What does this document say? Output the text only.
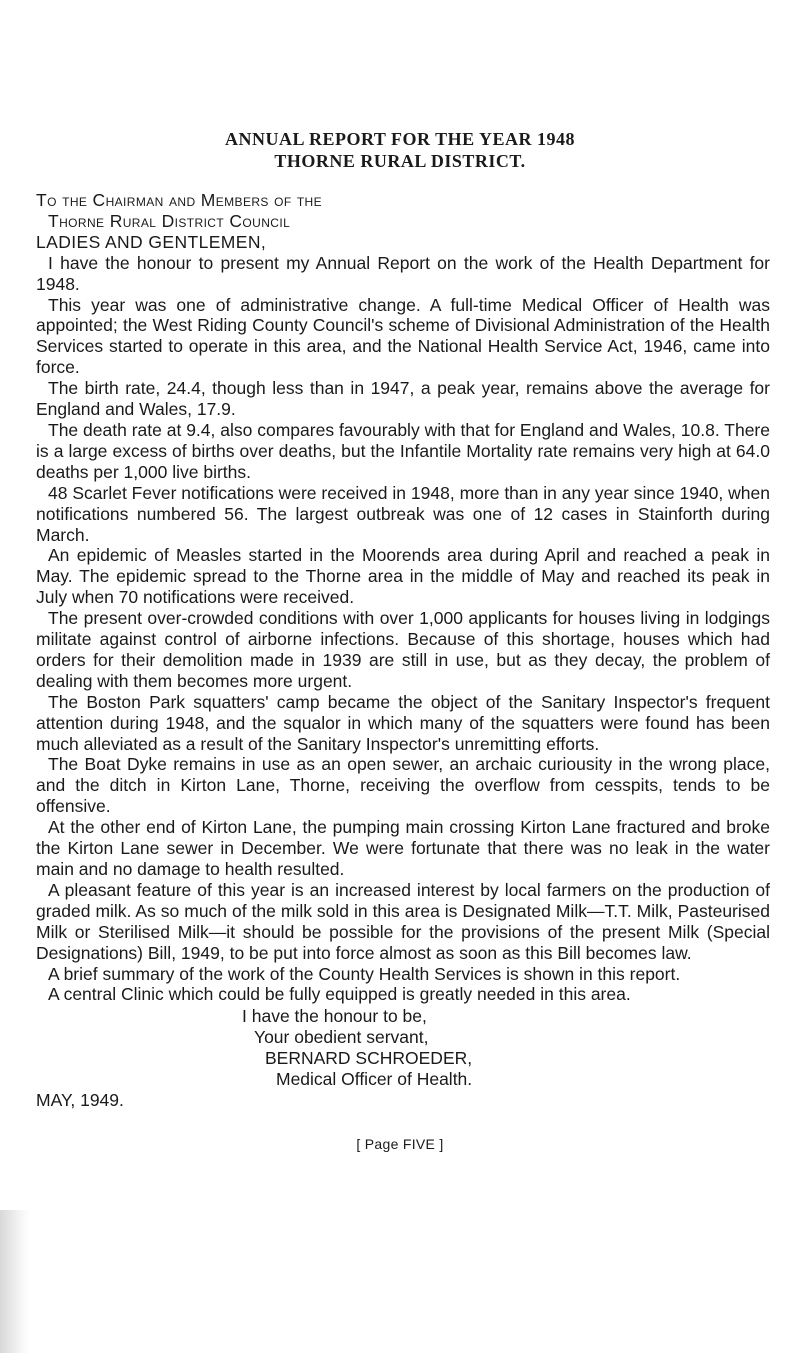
ANNUAL REPORT FOR THE YEAR 1948
THORNE RURAL DISTRICT.

To the Chairman and Members of the

Thorne Rural District Council

LADIES AND GENTLEMEN,

I have the honour to present my Annual Report on the work of the Health Department for 1948.

This year was one of administrative change. A full-time Medical Officer of Health was appointed; the West Riding County Council's scheme of Divisional Administration of the Health Services started to operate in this area, and the National Health Service Act, 1946, came into force.

The birth rate, 24.4, though less than in 1947, a peak year, remains above the average for England and Wales, 17.9.

The death rate at 9.4, also compares favourably with that for England and Wales, 10.8. There is a large excess of births over deaths, but the Infantile Mortality rate remains very high at 64.0 deaths per 1,000 live births.

48 Scarlet Fever notifications were received in 1948, more than in any year since 1940, when notifications numbered 56. The largest outbreak was one of 12 cases in Stainforth during March.

An epidemic of Measles started in the Moorends area during April and reached a peak in May. The epidemic spread to the Thorne area in the middle of May and reached its peak in July when 70 notifications were received.

The present over-crowded conditions with over 1,000 applicants for houses living in lodgings militate against control of airborne infections. Because of this shortage, houses which had orders for their demolition made in 1939 are still in use, but as they decay, the problem of dealing with them becomes more urgent.

The Boston Park squatters' camp became the object of the Sanitary Inspector's frequent attention during 1948, and the squalor in which many of the squatters were found has been much alleviated as a result of the Sanitary Inspector's unremitting efforts.

The Boat Dyke remains in use as an open sewer, an archaic curiousity in the wrong place, and the ditch in Kirton Lane, Thorne, receiving the overflow from cesspits, tends to be offensive.

At the other end of Kirton Lane, the pumping main crossing Kirton Lane fractured and broke the Kirton Lane sewer in December. We were fortunate that there was no leak in the water main and no damage to health resulted.

A pleasant feature of this year is an increased interest by local farmers on the production of graded milk. As so much of the milk sold in this area is Designated Milk—T.T. Milk, Pasteurised Milk or Sterilised Milk—it should be possible for the provisions of the present Milk (Special Designations) Bill, 1949, to be put into force almost as soon as this Bill becomes law.

A brief summary of the work of the County Health Services is shown in this report.

A central Clinic which could be fully equipped is greatly needed in this area.

I have the honour to be,
Your obedient servant,
BERNARD SCHROEDER,
Medical Officer of Health.
MAY, 1949.
[ Page FIVE ]
